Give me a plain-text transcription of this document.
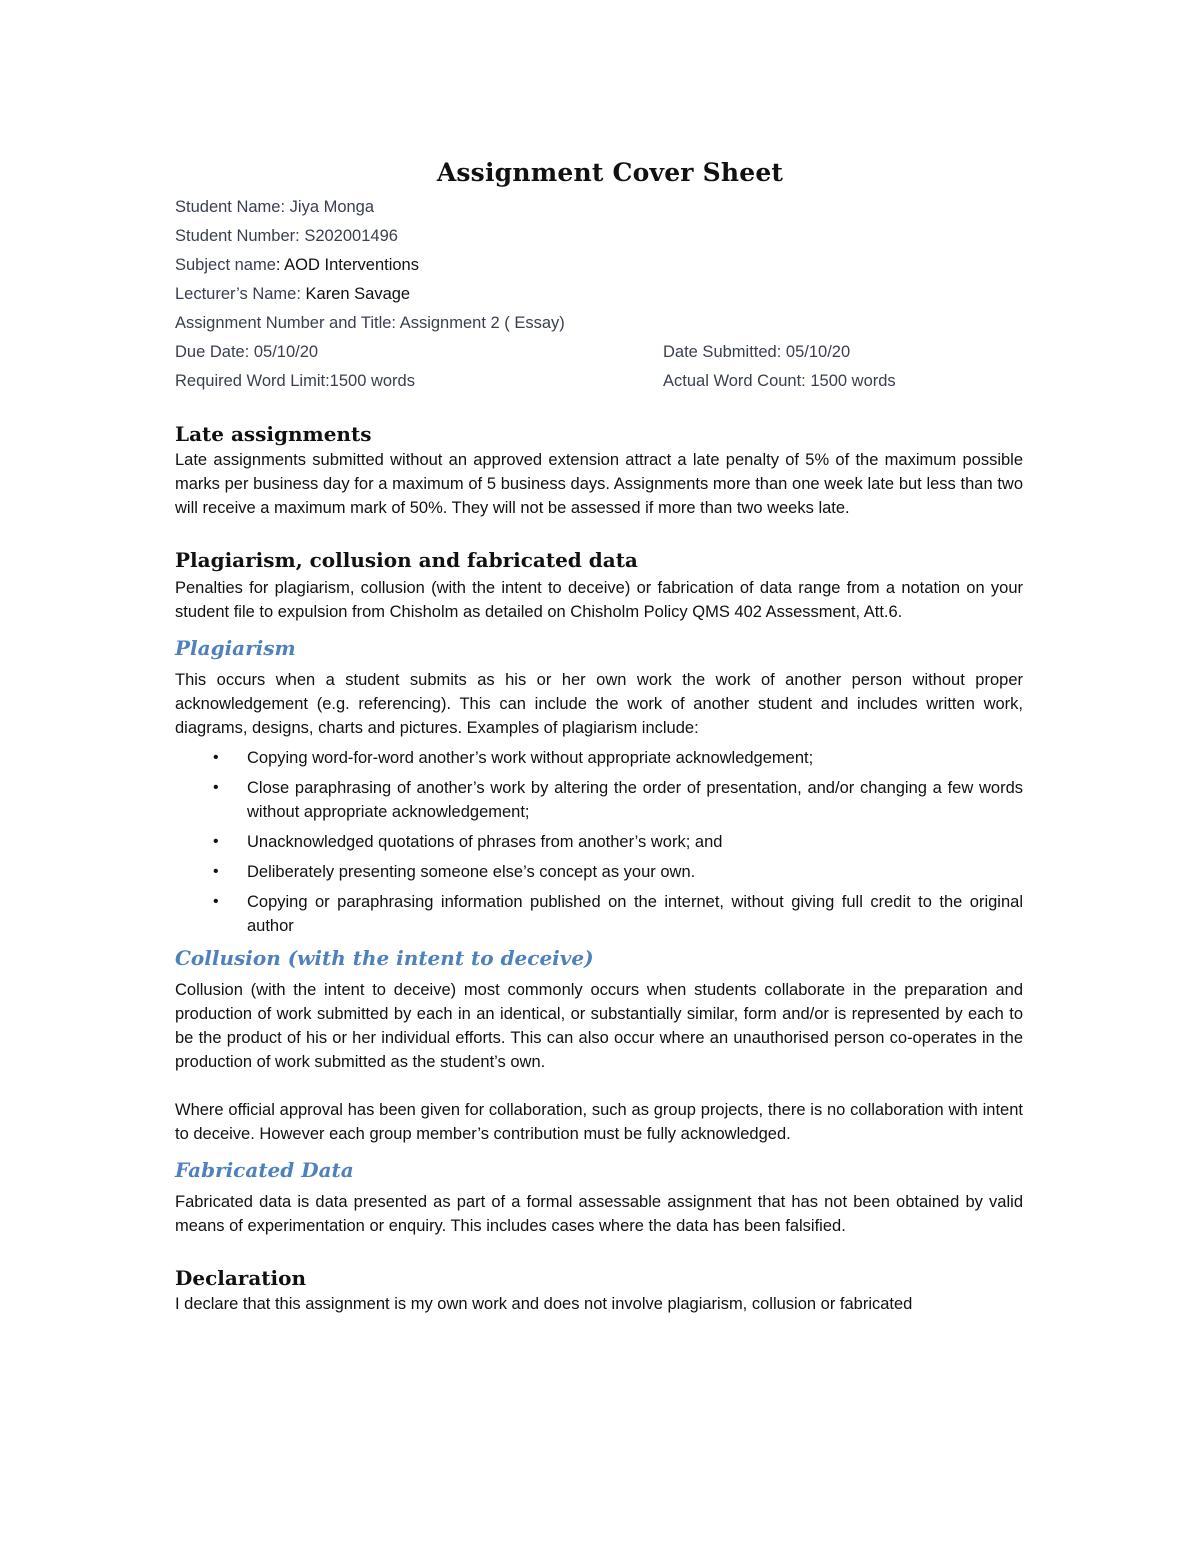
Assignment Cover Sheet
Student Name: Jiya Monga
Student Number: S202001496
Subject name: AOD Interventions
Lecturer’s Name: Karen Savage
Assignment Number and Title: Assignment 2 ( Essay)
Due Date: 05/10/20	Date Submitted: 05/10/20
Required Word Limit:1500 words	Actual Word Count: 1500 words
Late assignments

Late assignments submitted without an approved extension attract a late penalty of 5% of the maximum possible marks per business day for a maximum of 5 business days. Assignments more than one week late but less than two will receive a maximum mark of 50%. They will not be assessed if more than two weeks late.

Plagiarism, collusion and fabricated data

Penalties for plagiarism, collusion (with the intent to deceive) or fabrication of data range from a notation on your student file to expulsion from Chisholm as detailed on Chisholm Policy QMS 402 Assessment, Att.6.

Plagiarism

This occurs when a student submits as his or her own work the work of another person without proper acknowledgement (e.g. referencing). This can include the work of another student and includes written work, diagrams, designs, charts and pictures. Examples of plagiarism include:

• Copying word-for-word another’s work without appropriate acknowledgement;
• Close paraphrasing of another’s work by altering the order of presentation, and/or changing a few words without appropriate acknowledgement;
• Unacknowledged quotations of phrases from another’s work; and
• Deliberately presenting someone else’s concept as your own.
• Copying or paraphrasing information published on the internet, without giving full credit to the original author
Collusion (with the intent to deceive)

Collusion (with the intent to deceive) most commonly occurs when students collaborate in the preparation and production of work submitted by each in an identical, or substantially similar, form and/or is represented by each to be the product of his or her individual efforts. This can also occur where an unauthorised person co-operates in the production of work submitted as the student’s own.

Where official approval has been given for collaboration, such as group projects, there is no collaboration with intent to deceive. However each group member’s contribution must be fully acknowledged.

Fabricated Data

Fabricated data is data presented as part of a formal assessable assignment that has not been obtained by valid means of experimentation or enquiry. This includes cases where the data has been falsified.

Declaration

I declare that this assignment is my own work and does not involve plagiarism, collusion or fabricated
